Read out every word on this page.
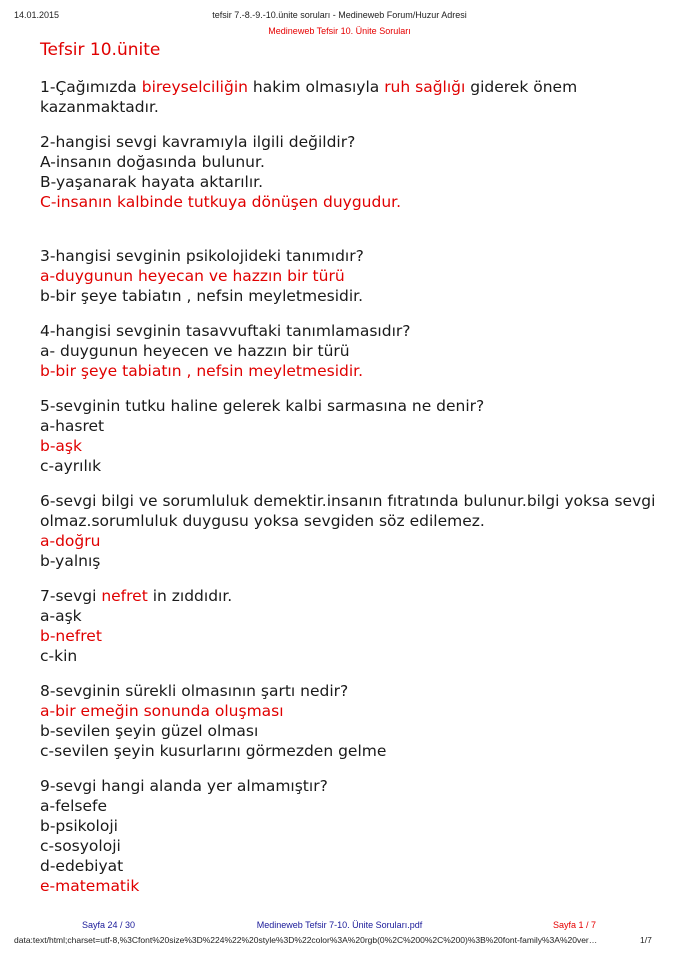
14.01.2015	tefsir 7.-8.-9.-10.ünite soruları - Medineweb Forum/Huzur Adresi
Medineweb Tefsir 10. Ünite Soruları
Tefsir 10.ünite
1-Çağımızda bireyselciliğin hakim olmasıyla ruh sağlığı giderek önem kazanmaktadır.
2-hangisi sevgi kavramıyla ilgili değildir?
A-insanın doğasında bulunur.
B-yaşanarak hayata aktarılır.
C-insanın kalbinde tutkuya dönüşen duygudur.
3-hangisi sevginin psikolojideki tanımıdır?
a-duygunun heyecan ve hazzın bir türü
b-bir şeye tabiatın , nefsin meyletmesidir.
4-hangisi sevginin tasavvuftaki tanımlamasıdır?
a- duygunun heyecen ve hazzın bir türü
b-bir şeye tabiatın , nefsin meyletmesidir.
5-sevginin tutku haline gelerek kalbi sarmasına ne denir?
a-hasret
b-aşk
c-ayrılık
6-sevgi bilgi ve sorumluluk demektir.insanın fıtratında bulunur.bilgi yoksa sevgi olmaz.sorumluluk duygusu yoksa sevgiden söz edilemez.
a-doğru
b-yalnış
7-sevgi nefret in zıddıdır.
a-aşk
b-nefret
c-kin
8-sevginin sürekli olmasının şartı nedir?
a-bir emeğin sonunda oluşması
b-sevilen şeyin güzel olması
c-sevilen şeyin kusurlarını görmezden gelme
9-sevgi hangi alanda yer almamıştır?
a-felsefe
b-psikoloji
c-sosyoloji
d-edebiyat
e-matematik
Sayfa 24 / 30	Medineweb Tefsir 7-10. Ünite Soruları.pdf	Sayfa 1 / 7
data:text/html;charset=utf-8,%3Cfont%20size%3D%224%22%20style%3D%22color%3A%20rgb(0%2C%200%2C%200)%3B%20font-family%3A%20ver…	1/7
